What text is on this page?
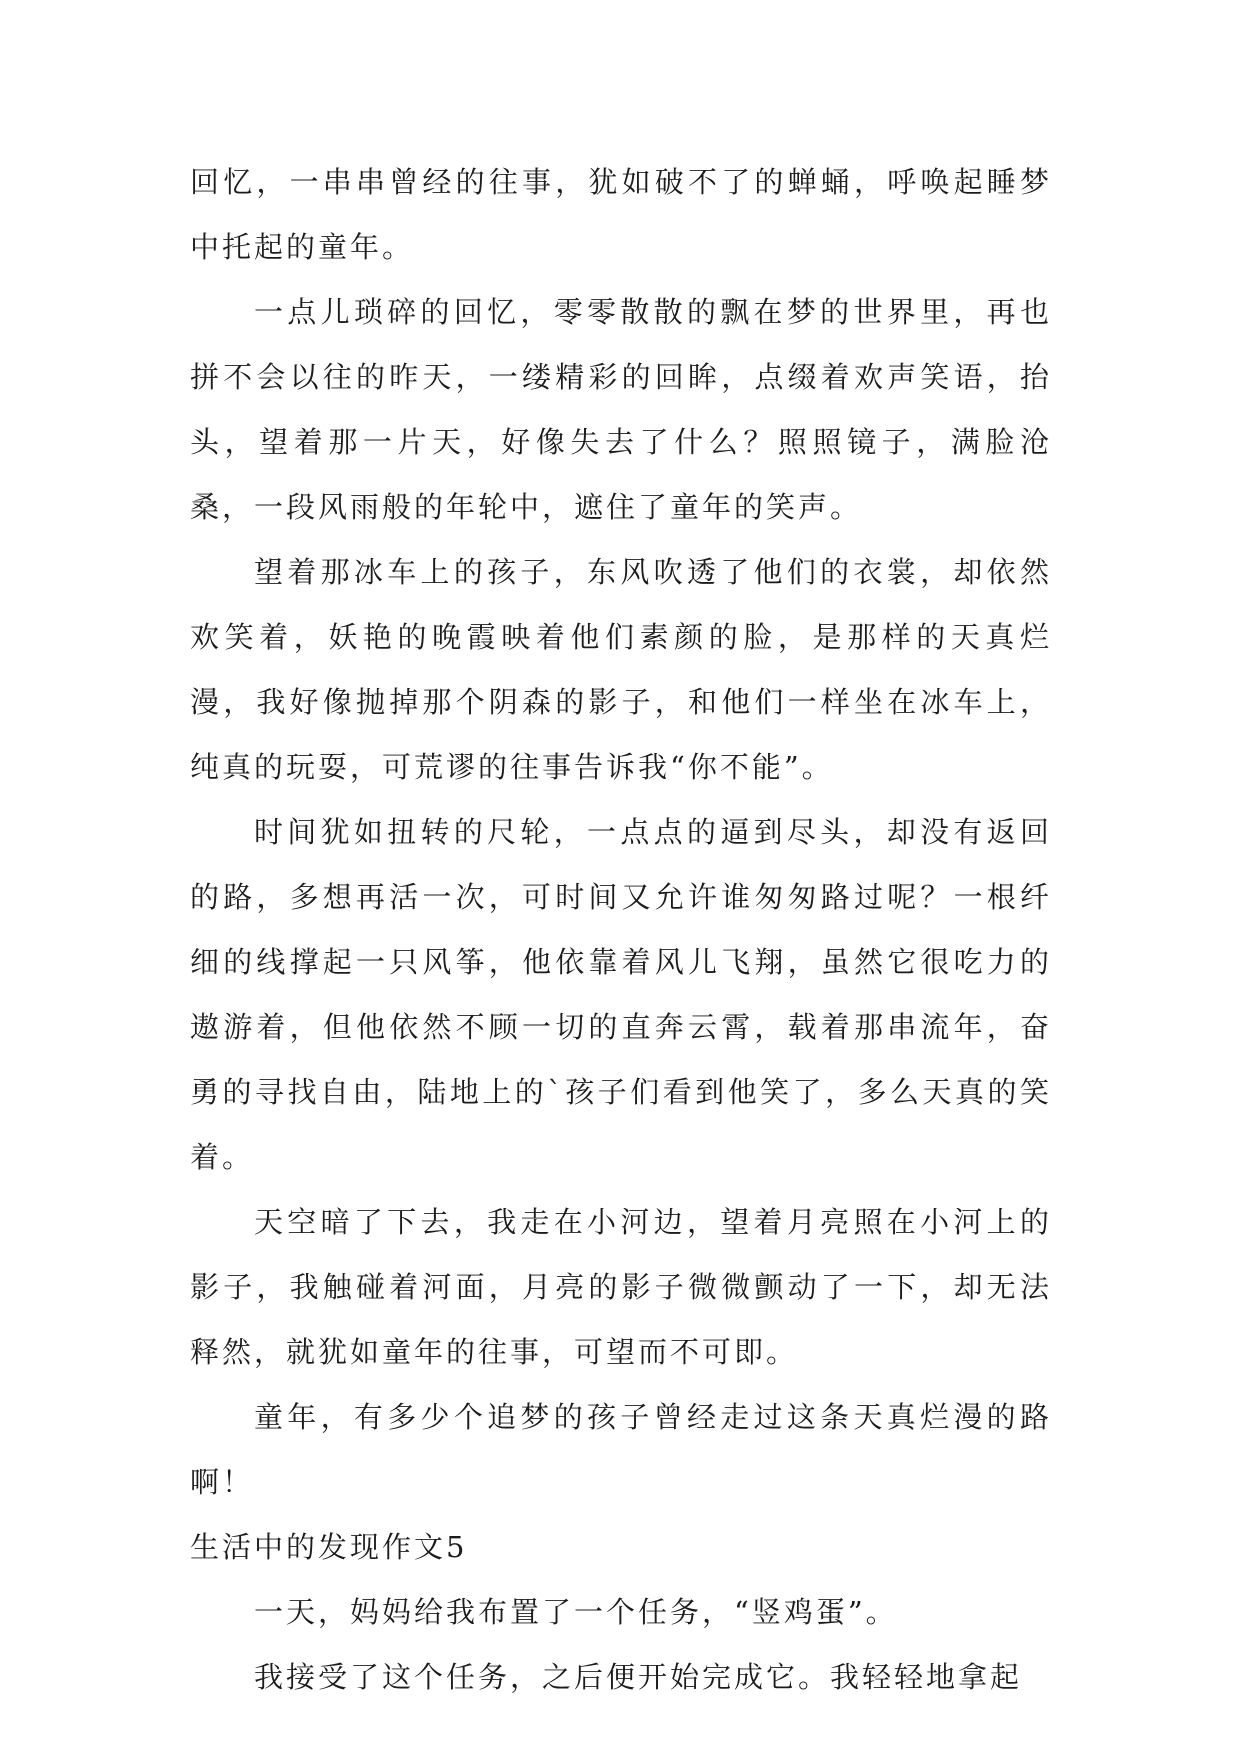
回忆，一串串曾经的往事，犹如破不了的蝉蛹，呼唤起睡梦中托起的童年。

一点儿琐碎的回忆，零零散散的飘在梦的世界里，再也拼不会以往的昨天，一缕精彩的回眸，点缀着欢声笑语，抬头，望着那一片天，好像失去了什么？照照镜子，满脸沧桑，一段风雨般的年轮中，遮住了童年的笑声。

望着那冰车上的孩子，东风吹透了他们的衣裳，却依然欢笑着，妖艳的晚霞映着他们素颜的脸，是那样的天真烂漫，我好像抛掉那个阴森的影子，和他们一样坐在冰车上，纯真的玩耍，可荒谬的往事告诉我“你不能”。

时间犹如扭转的尺轮，一点点的逼到尽头，却没有返回的路，多想再活一次，可时间又允许谁匆匆路过呢？一根纤细的线撑起一只风筝，他依靠着风儿飞翔，虽然它很吃力的遨游着，但他依然不顾一切的直奔云霄，载着那串流年，奋勇的寻找自由，陆地上的`孩子们看到他笑了，多么天真的笑着。

天空暗了下去，我走在小河边，望着月亮照在小河上的影子，我触碰着河面，月亮的影子微微颤动了一下，却无法释然，就犹如童年的往事，可望而不可即。

童年，有多少个追梦的孩子曾经走过这条天真烂漫的路啊！

生活中的发现作文5

一天，妈妈给我布置了一个任务，“竖鸡蛋”。

我接受了这个任务，之后便开始完成它。我轻轻地拿起
